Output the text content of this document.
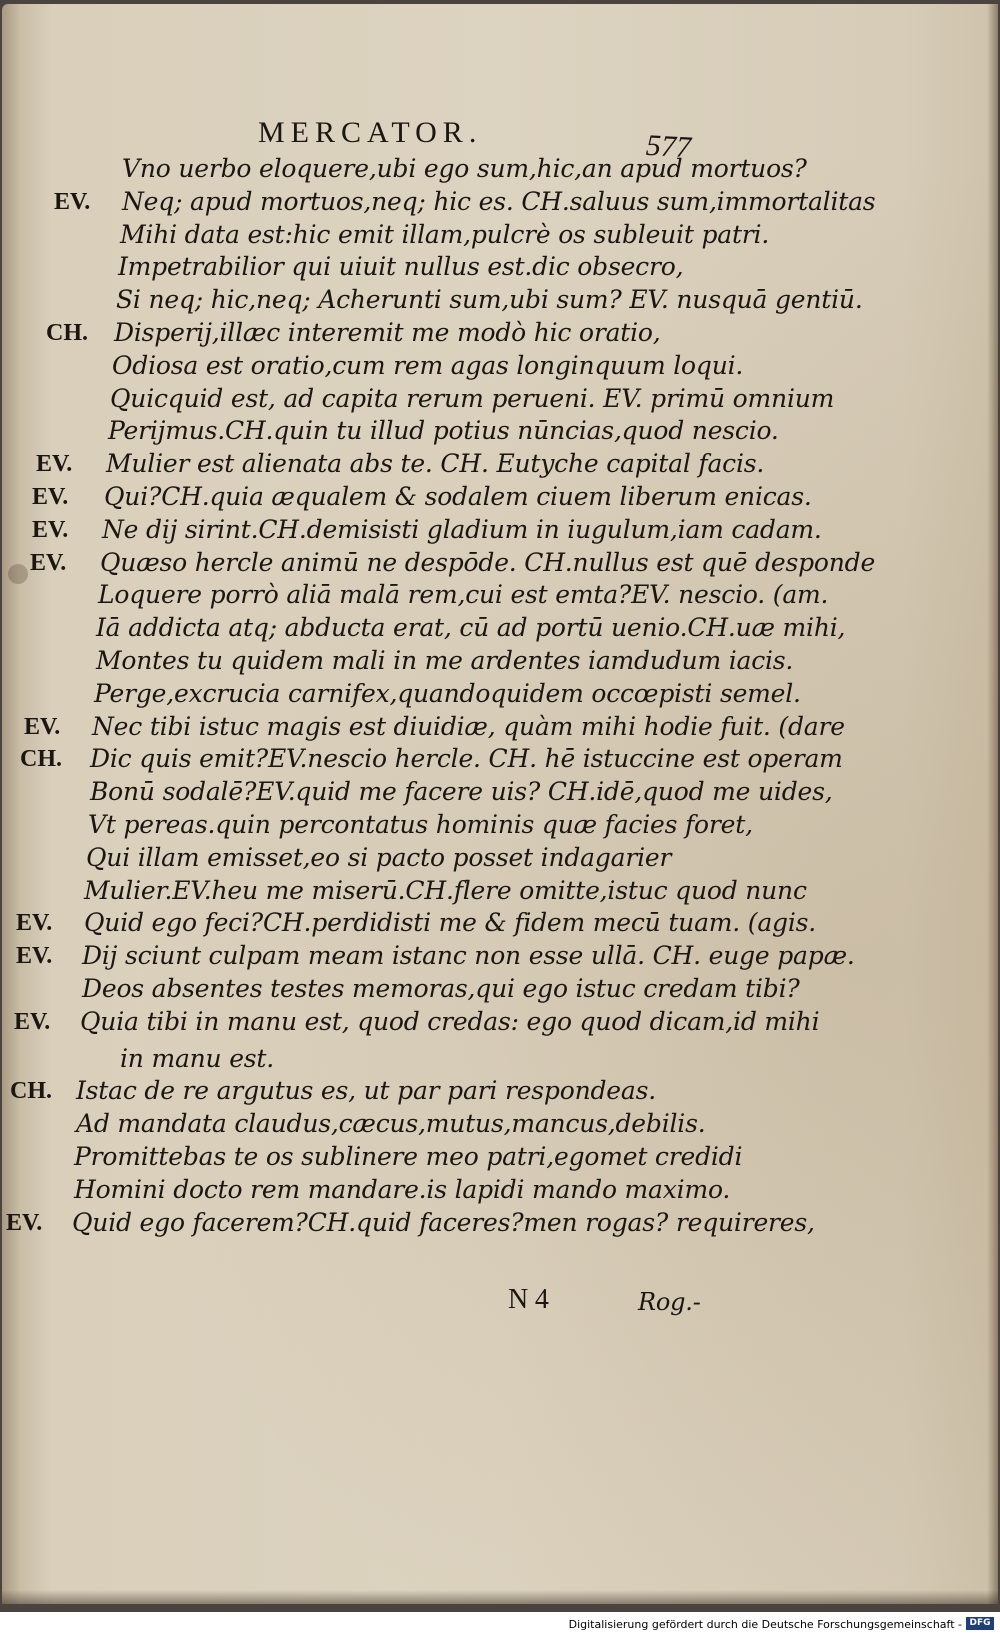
MERCATOR.	577
Vno uerbo eloquere,ubi ego sum,hic,an apud mortuos?
EV. Neq; apud mortuos,neq; hic es. CH.saluus sum,immortalitas
Mihi data est:hic emit illam,pulcrè os subleuit patri.
Impetrabilior qui uiuit nullus est.dic obsecro,
Si neq; hic,neq; Acherunti sum,ubi sum? EV. nusquā gentiū.
CH. Disperij,illæc interemit me modò hic oratio,
Odiosa est oratio,cum rem agas longinquum loqui.
Quicquid est, ad capita rerum perueni. EV. primū omnium
Perijmus.CH.quin tu illud potius nūncias,quod nescio.
EV. Mulier est alienata abs te. CH. Eutyche capital facis.
EV. Qui?CH.quia æqualem & sodalem ciuem liberum enicas.
EV. Ne dij sirint.CH.demisisti gladium in iugulum,iam cadam.
EV. Quæso hercle animū ne despōde. CH.nullus est quē desponde
Loquere porrò aliā malā rem,cui est emta?EV. nescio. (am.
Iā addicta atq; abducta erat, cū ad portū uenio.CH.uæ mihi,
Montes tu quidem mali in me ardentes iamdudum iacis.
Perge,excrucia carnifex,quandoquidem occœpisti semel.
EV. Nec tibi istuc magis est diuidiæ, quàm mihi hodie fuit. (dare
CH. Dic quis emit?EV.nescio hercle. CH. hē istuccine est operam
Bonū sodalē?EV.quid me facere uis? CH.idē,quod me uides,
Vt pereas.quin percontatus hominis quæ facies foret,
Qui illam emisset,eo si pacto posset indagarier
Mulier.EV.heu me miserū.CH.flere omitte,istuc quod nunc
EV. Quid ego feci?CH.perdidisti me & fidem mecū tuam. (agis.
EV. Dij sciunt culpam meam istanc non esse ullā. CH. euge papæ.
Deos absentes testes memoras,qui ego istuc credam tibi?
EV. Quia tibi in manu est, quod credas: ego quod dicam,id mihi
in manu est.
CH. Istac de re argutus es, ut par pari respondeas.
Ad mandata claudus,cæcus,mutus,mancus,debilis.
Promittebas te os sublinere meo patri,egomet credidi
Homini docto rem mandare.is lapidi mando maximo.
EV. Quid ego facerem?CH.quid faceres?men rogas? requireres,
N 4	Rog.-
Digitalisierung gefördert durch die Deutsche Forschungsgemeinschaft - DFG
